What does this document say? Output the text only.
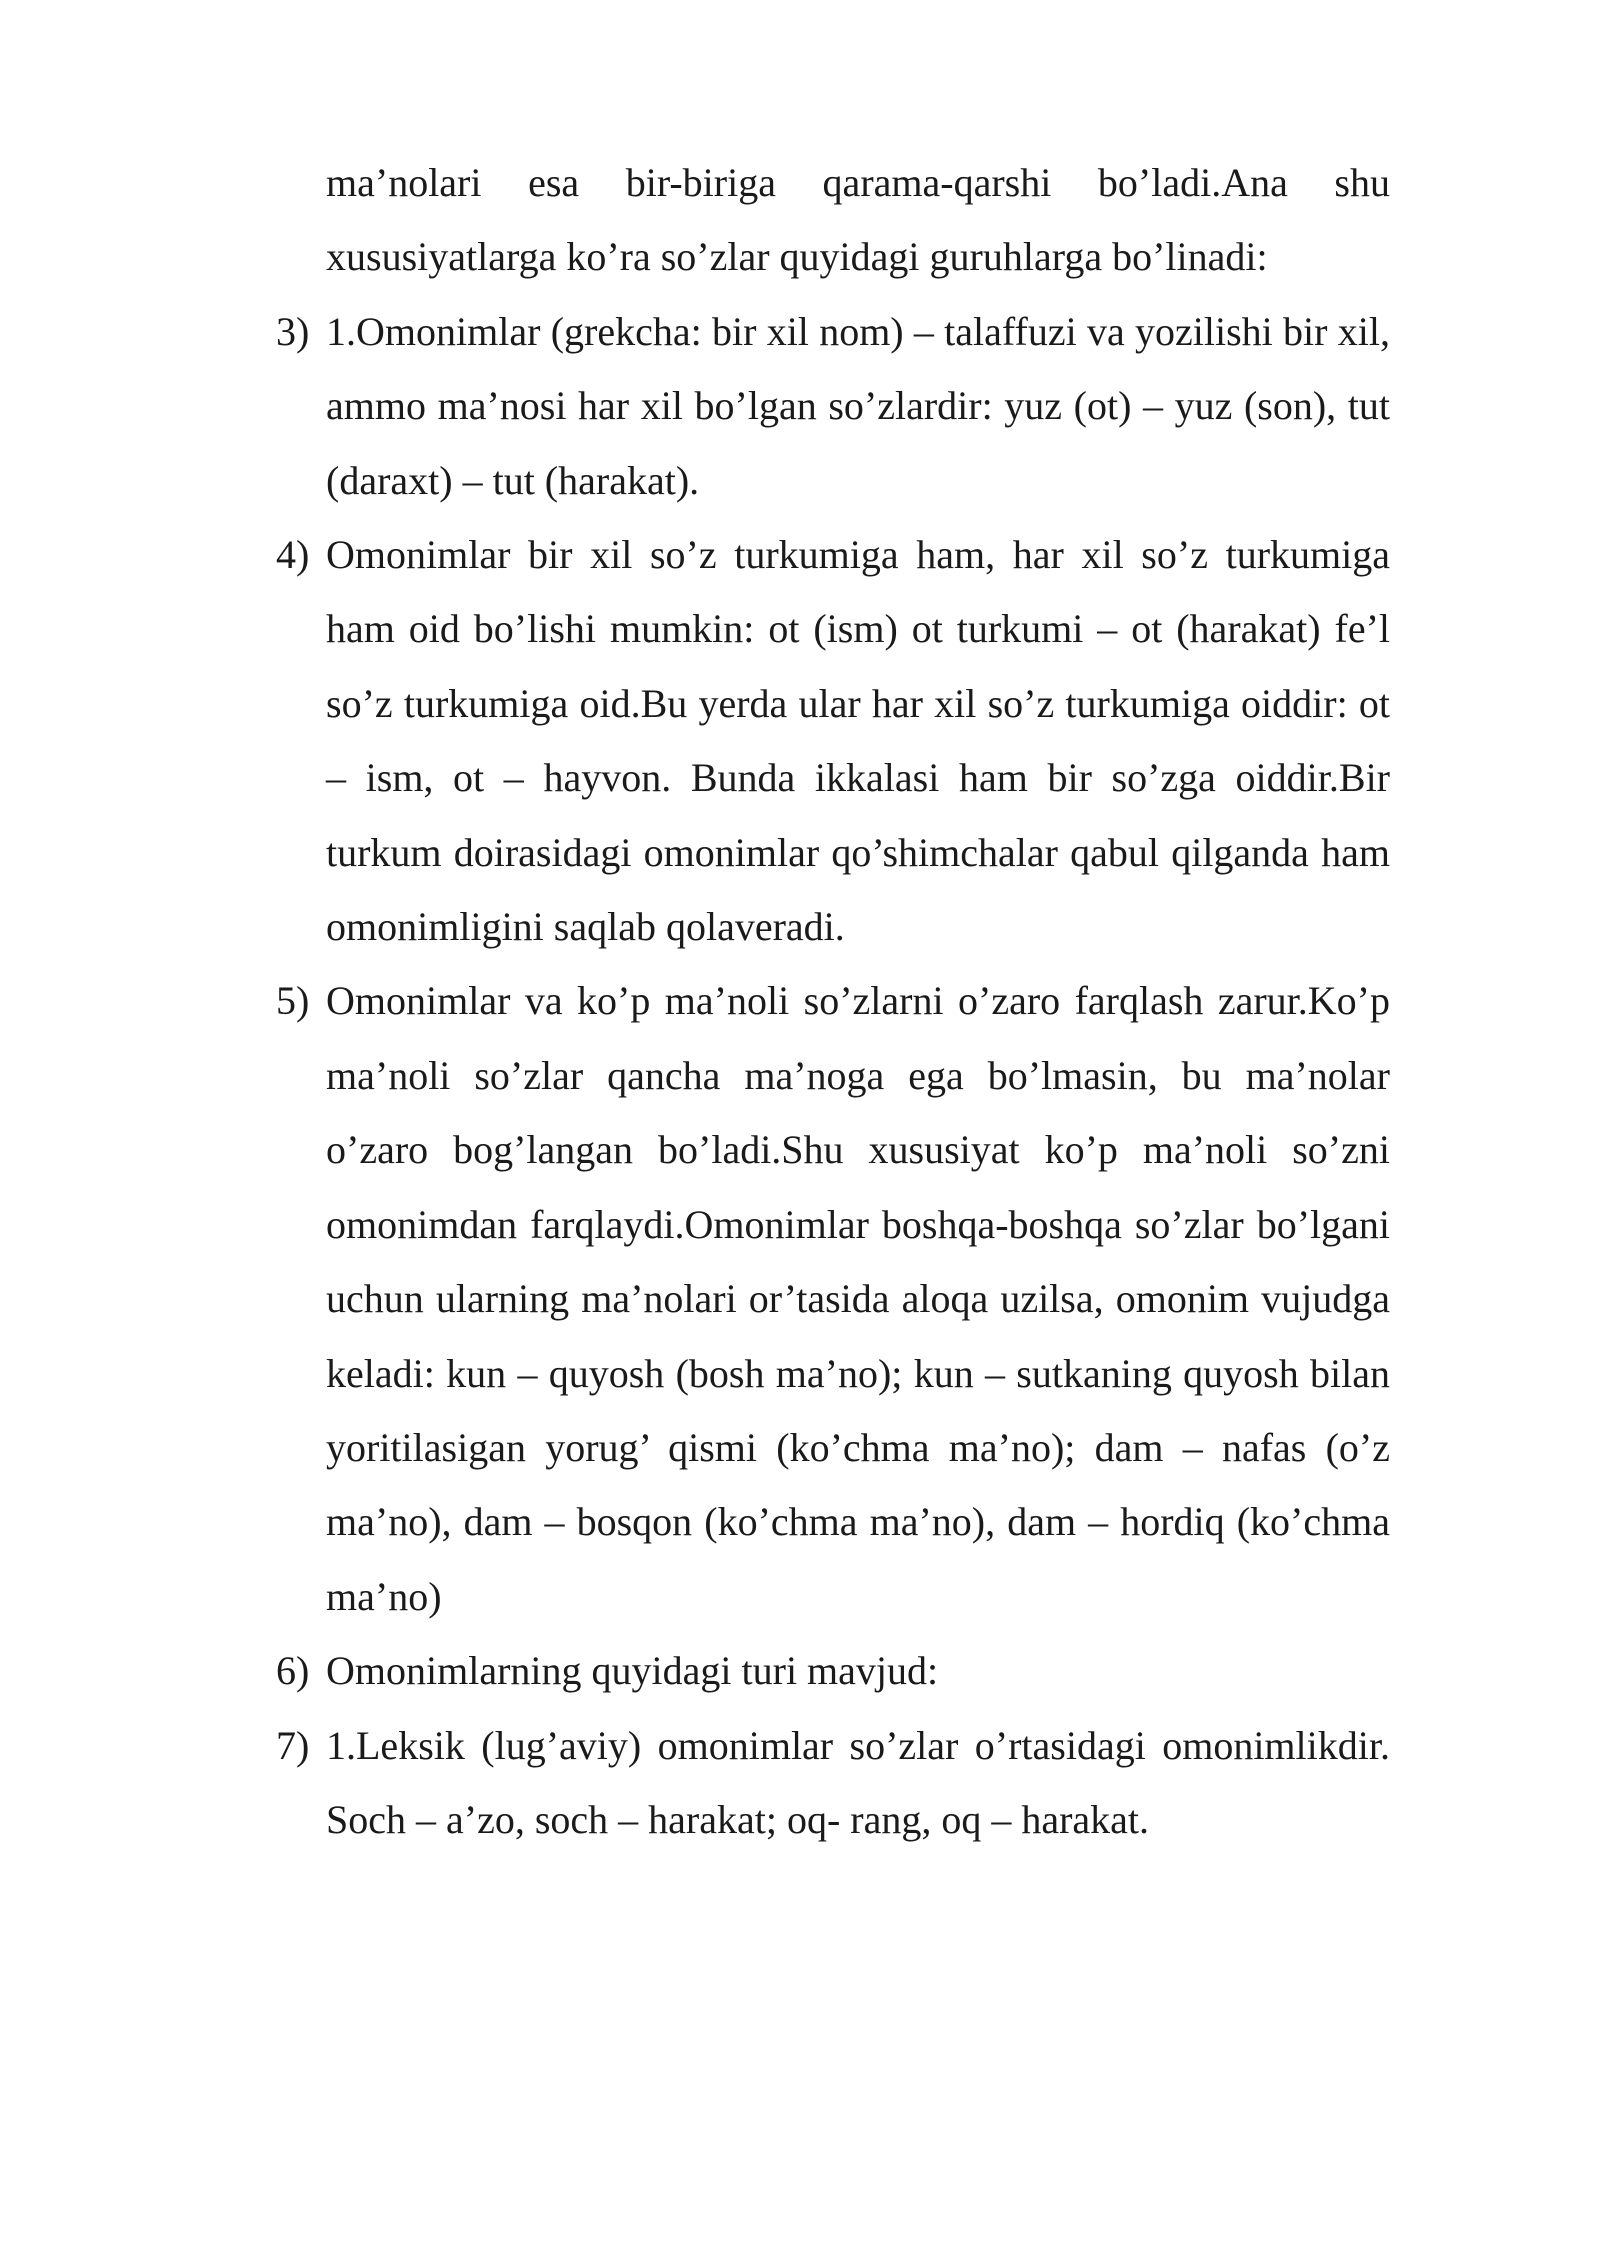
ma’nolari esa bir-biriga qarama-qarshi bo’ladi.Ana shu xususiyatlarga ko’ra so’zlar quyidagi guruhlarga bo’linadi:

3) 1.Omonimlar (grekcha: bir xil nom) – talaffuzi va yozilishi bir xil, ammo ma’nosi har xil bo’lgan so’zlardir: yuz (ot) – yuz (son), tut (daraxt) – tut (harakat).

4) Omonimlar bir xil so’z turkumiga ham, har xil so’z turkumiga ham oid bo’lishi mumkin: ot (ism) ot turkumi – ot (harakat) fe’l so’z turkumiga oid.Bu yerda ular har xil so’z turkumiga oiddir: ot – ism, ot – hayvon. Bunda ikkalasi ham bir so’zga oiddir.Bir turkum doirasidagi omonimlar qo’shimchalar qabul qilganda ham omonimligini saqlab qolaveradi.

5) Omonimlar va ko’p ma’noli so’zlarni o’zaro farqlash zarur.Ko’p ma’noli so’zlar qancha ma’noga ega bo’lmasin, bu ma’nolar o’zaro bog’langan bo’ladi.Shu xususiyat ko’p ma’noli so’zni omonimdan farqlaydi.Omonimlar boshqa-boshqa so’zlar bo’lgani uchun ularning ma’nolari or’tasida aloqa uzilsa, omonim vujudga keladi: kun – quyosh (bosh ma’no); kun – sutkaning quyosh bilan yoritilasigan yorug’ qismi (ko’chma ma’no); dam – nafas (o’z ma’no), dam – bosqon (ko’chma ma’no), dam – hordiq (ko’chma ma’no)

6) Omonimlarning quyidagi turi mavjud:

7) 1.Leksik (lug’aviy) omonimlar so’zlar o’rtasidagi omonimlikdir. Soch – a’zo, soch – harakat; oq- rang, oq – harakat.
